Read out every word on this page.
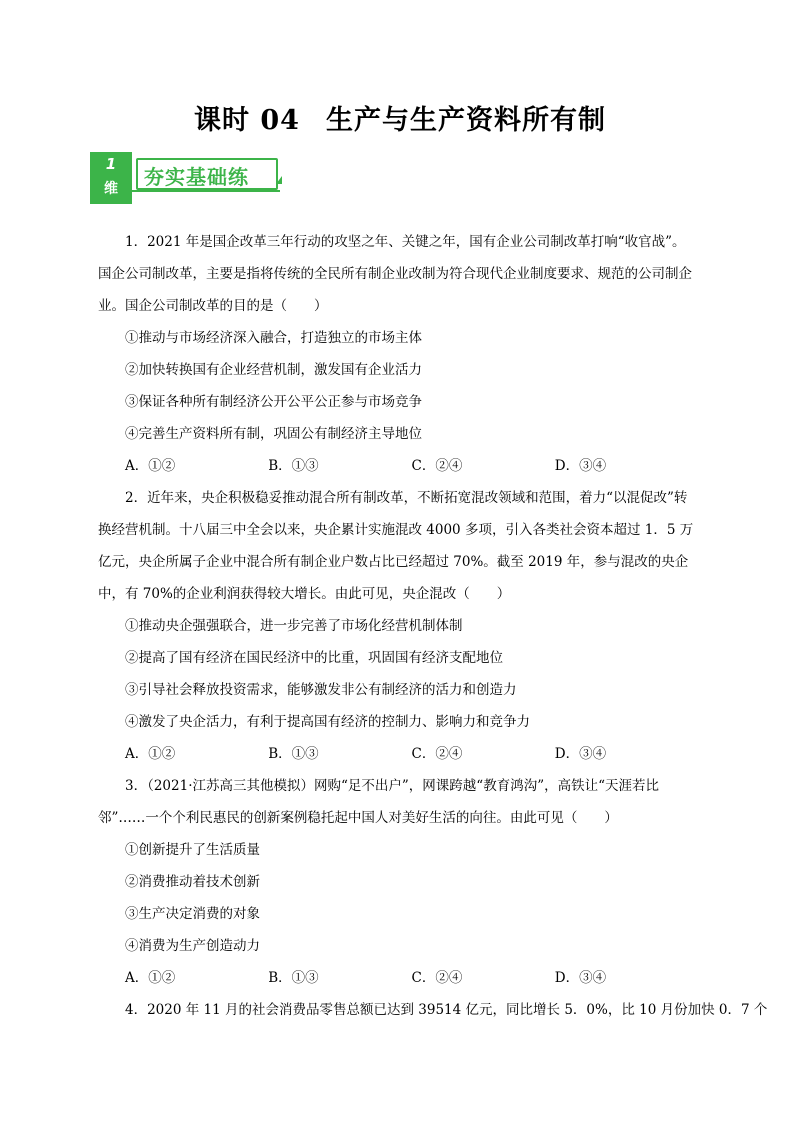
课时 04 生产与生产资料所有制
1
维	夯实基础练

1．2021 年是国企改革三年行动的攻坚之年、关键之年，国有企业公司制改革打响“收官战”。国企公司制改革，主要是指将传统的全民所有制企业改制为符合现代企业制度要求、规范的公司制企业。国企公司制改革的目的是（　　）

①推动与市场经济深入融合，打造独立的市场主体

②加快转换国有企业经营机制，激发国有企业活力

③保证各种所有制经济公开公平公正参与市场竞争

④完善生产资料所有制，巩固公有制经济主导地位

A．①②	B．①③	C．②④	D．③④

2．近年来，央企积极稳妥推动混合所有制改革，不断拓宽混改领域和范围，着力“以混促改”转换经营机制。十八届三中全会以来，央企累计实施混改 4000 多项，引入各类社会资本超过 1．5 万亿元，央企所属子企业中混合所有制企业户数占比已经超过 70%。截至 2019 年，参与混改的央企中，有 70%的企业利润获得较大增长。由此可见，央企混改（　　）

①推动央企强强联合，进一步完善了市场化经营机制体制

②提高了国有经济在国民经济中的比重，巩固国有经济支配地位

③引导社会释放投资需求，能够激发非公有制经济的活力和创造力

④激发了央企活力，有利于提高国有经济的控制力、影响力和竞争力

A．①②	B．①③	C．②④	D．③④

3．（2021·江苏高三其他模拟）网购“足不出户”，网课跨越“教育鸿沟”，高铁让“天涯若比邻”……一个个利民惠民的创新案例稳托起中国人对美好生活的向往。由此可见（　　）

①创新提升了生活质量

②消费推动着技术创新

③生产决定消费的对象

④消费为生产创造动力

A．①②	B．①③	C．②④	D．③④

4．2020 年 11 月的社会消费品零售总额已达到 39514 亿元，同比增长 5．0%，比 10 月份加快 0．7 个
